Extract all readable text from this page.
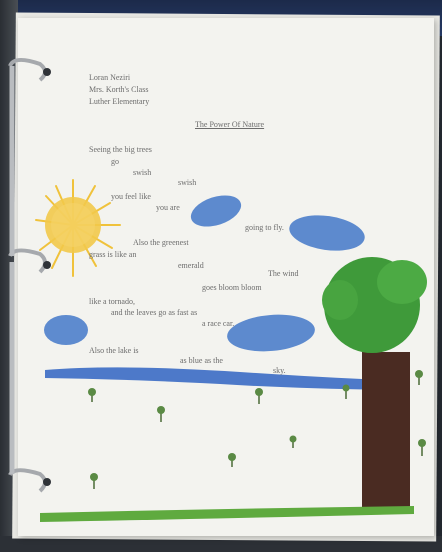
Loran Neziri

Mrs. Korth's Class

Luther Elementary

The Power Of Nature

Seeing the big trees

go

swish

swish

you feel like

you are

going to fly.

Also the greenest

grass is like an

emerald

The wind

goes bloom bloom

like a tornado,

and the leaves go as fast as

a race car.

Also the lake is

as blue as the

sky.
